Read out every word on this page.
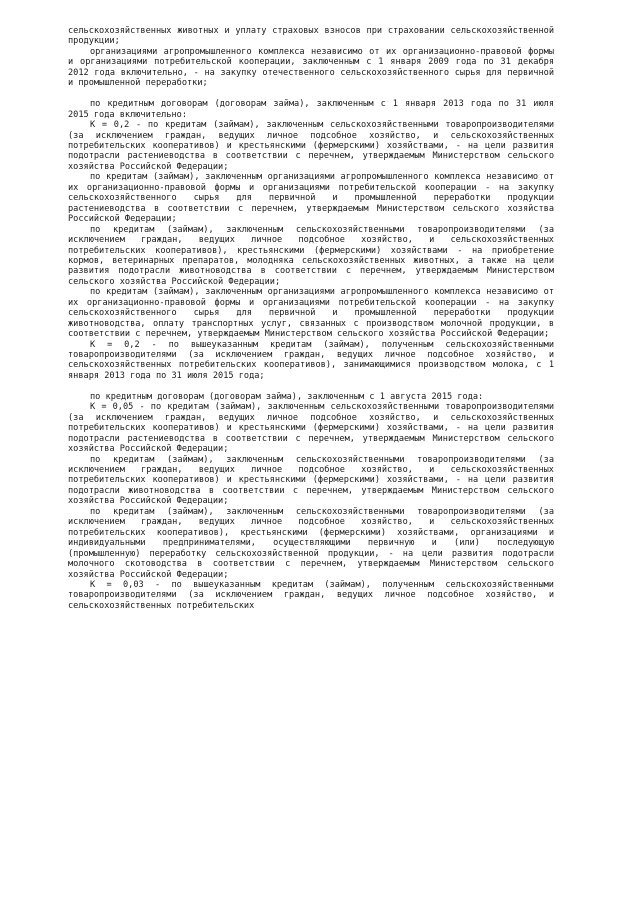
сельскохозяйственных животных и уплату страховых взносов при страховании сельскохозяйственной продукции;

организациями агропромышленного комплекса независимо от их организационно-правовой формы и организациями потребительской кооперации, заключенным с 1 января 2009 года по 31 декабря 2012 года включительно, - на закупку отечественного сельскохозяйственного сырья для первичной и промышленной переработки;

по кредитным договорам (договорам займа), заключенным с 1 января 2013 года по 31 июля 2015 года включительно:

К = 0,2 - по кредитам (займам), заключенным сельскохозяйственными товаропроизводителями (за исключением граждан, ведущих личное подсобное хозяйство, и сельскохозяйственных потребительских кооперативов) и крестьянскими (фермерскими) хозяйствами, - на цели развития подотрасли растениеводства в соответствии с перечнем, утверждаемым Министерством сельского хозяйства Российской Федерации;

по кредитам (займам), заключенным организациями агропромышленного комплекса независимо от их организационно-правовой формы и организациями потребительской кооперации - на закупку сельскохозяйственного сырья для первичной и промышленной переработки продукции растениеводства в соответствии с перечнем, утверждаемым Министерством сельского хозяйства Российской Федерации;

по кредитам (займам), заключенным сельскохозяйственными товаропроизводителями (за исключением граждан, ведущих личное подсобное хозяйство, и сельскохозяйственных потребительских кооперативов), крестьянскими (фермерскими) хозяйствами - на приобретение кормов, ветеринарных препаратов, молодняка сельскохозяйственных животных, а также на цели развития подотрасли животноводства в соответствии с перечнем, утверждаемым Министерством сельского хозяйства Российской Федерации;

по кредитам (займам), заключенным организациями агропромышленного комплекса независимо от их организационно-правовой формы и организациями потребительской кооперации - на закупку сельскохозяйственного сырья для первичной и промышленной переработки продукции животноводства, оплату транспортных услуг, связанных с производством молочной продукции, в соответствии с перечнем, утверждаемым Министерством сельского хозяйства Российской Федерации;

К = 0,2 - по вышеуказанным кредитам (займам), полученным сельскохозяйственными товаропроизводителями (за исключением граждан, ведущих личное подсобное хозяйство, и сельскохозяйственных потребительских кооперативов), занимающимися производством молока, с 1 января 2013 года по 31 июля 2015 года;

по кредитным договорам (договорам займа), заключенным с 1 августа 2015 года:

К = 0,05 - по кредитам (займам), заключенным сельскохозяйственными товаропроизводителями (за исключением граждан, ведущих личное подсобное хозяйство, и сельскохозяйственных потребительских кооперативов) и крестьянскими (фермерскими) хозяйствами, - на цели развития подотрасли растениеводства в соответствии с перечнем, утверждаемым Министерством сельского хозяйства Российской Федерации;

по кредитам (займам), заключенным сельскохозяйственными товаропроизводителями (за исключением граждан, ведущих личное подсобное хозяйство, и сельскохозяйственных потребительских кооперативов) и крестьянскими (фермерскими) хозяйствами, - на цели развития подотрасли животноводства в соответствии с перечнем, утверждаемым Министерством сельского хозяйства Российской Федерации;

по кредитам (займам), заключенным сельскохозяйственными товаропроизводителями (за исключением граждан, ведущих личное подсобное хозяйство, и сельскохозяйственных потребительских кооперативов), крестьянскими (фермерскими) хозяйствами, организациями и индивидуальными предпринимателями, осуществляющими первичную и (или) последующую (промышленную) переработку сельскохозяйственной продукции, - на цели развития подотрасли молочного скотоводства в соответствии с перечнем, утверждаемым Министерством сельского хозяйства Российской Федерации;

К = 0,03 - по вышеуказанным кредитам (займам), полученным сельскохозяйственными товаропроизводителями (за исключением граждан, ведущих личное подсобное хозяйство, и сельскохозяйственных потребительских
